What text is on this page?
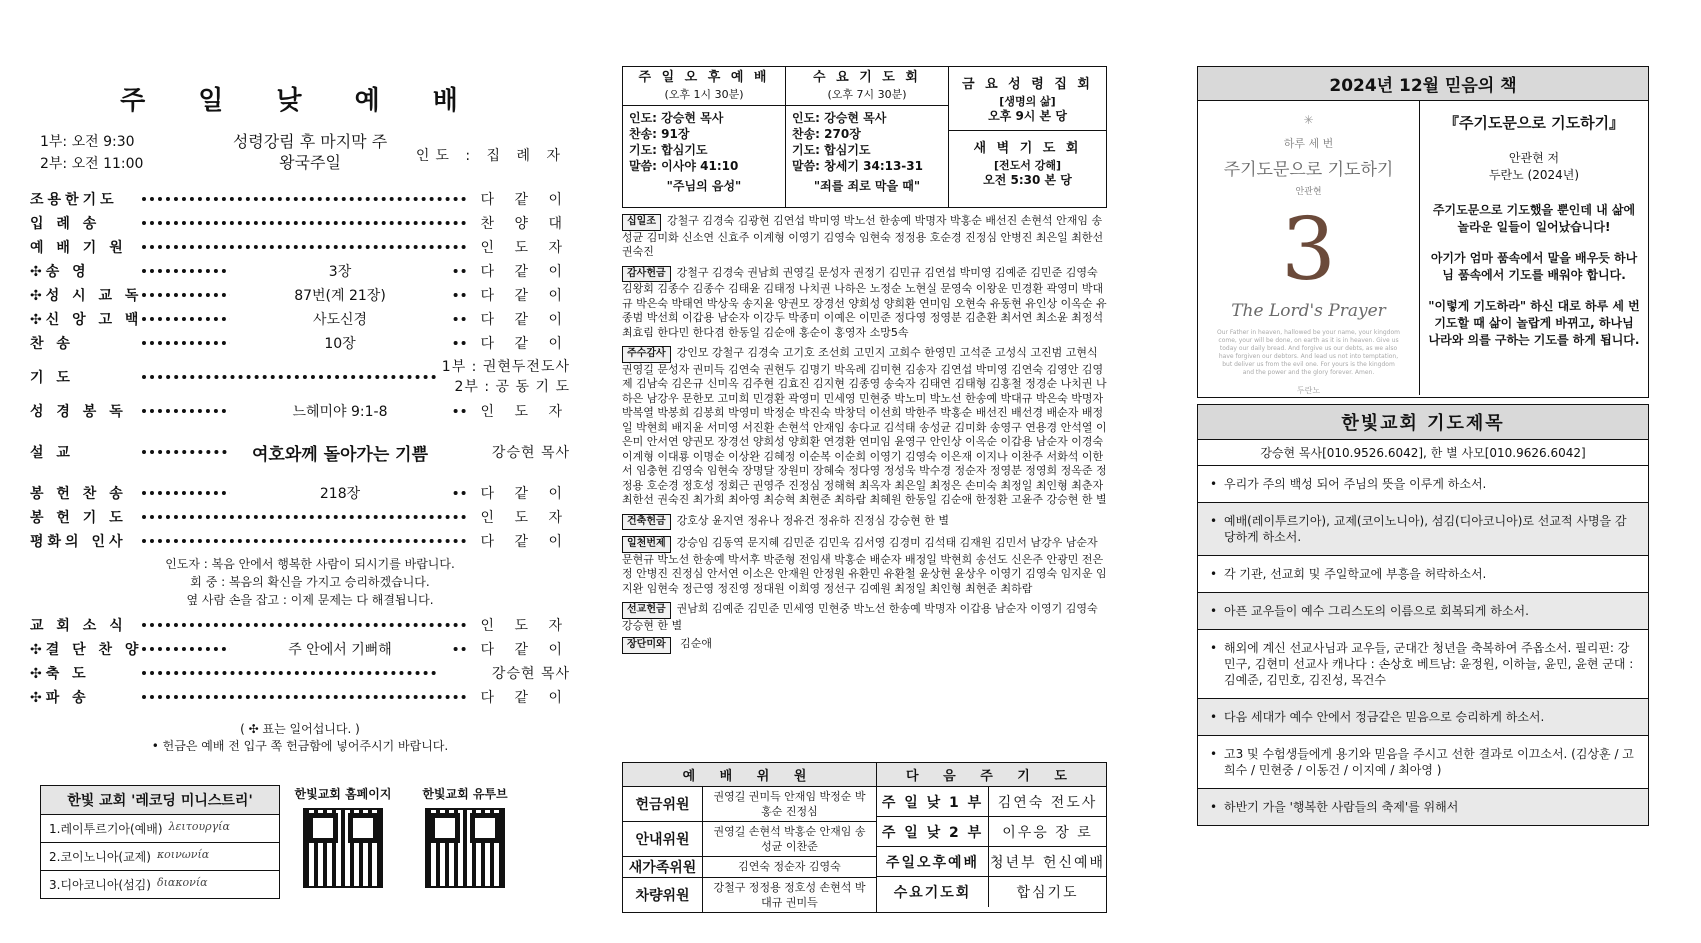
주 일 낮 예 배
1부: 오전 9:30
2부: 오전 11:00
성령강림 후 마지막 주
왕국주일	인도 : 집 례 자
조용한기도	다 같 이
입 례 송	찬 양 대
예 배 기 원	인 도 자
✣송 영	3장	다 같 이
✣성 시 교 독	87번(계 21장)	다 같 이
✣신 앙 고 백	사도신경	다 같 이
찬 송	10장	다 같 이
기 도
1부 : 권현두전도사
2부 : 공 동 기 도
성 경 봉 독	느헤미야 9:1-8	인 도 자
설 교	여호와께 돌아가는 기쁨	강승현 목사
봉 헌 찬 송	218장	다 같 이
봉 헌 기 도	인 도 자
평화의 인사	다 같 이
인도자 : 복음 안에서 행복한 사람이 되시기를 바랍니다.
회 중 : 복음의 확신을 가지고 승리하겠습니다.
옆 사람 손을 잡고 : 이제 문제는 다 해결됩니다.
교 회 소 식	인 도 자
✣결 단 찬 양	주 안에서 기뻐해	다 같 이
✣축 도	강승현 목사
✣파 송	다 같 이
( ✣ 표는 일어섭니다. )
• 헌금은 예배 전 입구 쪽 헌금함에 넣어주시기 바랍니다.
한빛 교회 '레코딩 미니스트리'
1.레이투르기아(예배) λειτουργία
2.코이노니아(교제) κοινωνία
3.디아코니아(섬김) διακονία
한빛교회 홈페이지	한빛교회 유투브
주 일 오 후 예 배
(오후 1시 30분)
인도: 강승현 목사
찬송: 91장
기도: 합심기도
말씀: 이사야 41:10
"주님의 음성"
수 요 기 도 회
(오후 7시 30분)
인도: 강승현 목사
찬송: 270장
기도: 합심기도
말씀: 창세기 34:13-31
"죄를 죄로 막을 때"
금 요 성 령 집 회
[생명의 삶]
오후 9시 본 당
새 벽 기 도 회
[전도서 강해]
오전 5:30 본 당
십일조 강철구 김경숙 김광현 김연섭 박미영 박노선 한송예 박명자 박홍순 배선진 손현석 안재임 송성균 김미화 신소연 신효주 이계형 이영기 김영숙 임현숙 정정용 호순경 진정심 안병진 최은일 최한선 권숙진
감사헌금 강철구 김경숙 권남희 권영길 문성자 권정기 김민규 김연섭 박미영 김예준 김민준 김영숙 김왕회 김종수 김종수 김태윤 김태정 나치권 나하은 노정순 노현실 문영숙 이왕운 민경환 곽영미 박대규 박은숙 박태연 박상욱 송지윤 양권모 장경선 양희성 양희환 연미임 오현숙 유동현 유인상 이옥순 유종범 박선희 이갑용 남순자 이강두 박종미 이예은 이민준 정다영 정영분 김춘환 최서연 최소윤 최정석 최효림 한다민 한다겸 한동일 김순애 홍순이 홍영자 소망5속
주수감사 강인모 강철구 김경숙 고기호 조선희 고민지 고희수 한영민 고석준 고성식 고진범 고현식 권영길 문성자 권미득 김연숙 권현두 김명기 박옥례 김미현 김송자 김연섭 박미영 김연숙 김영안 김영제 김남숙 김은규 신미옥 김주현 김효진 김지현 김종영 송숙자 김태연 김태형 김홍철 정경순 나치권 나하은 남강우 문한모 고미희 민경환 곽영미 민세영 민현중 박노미 박노선 한송예 박대규 박은숙 박명자 박복열 박봉희 김봉희 박영미 박정순 박진숙 박창덕 이선희 박한주 박홍순 배선진 배선경 배순자 배정일 박현희 배지윤 서미영 서진환 손현석 안재임 송다교 김석태 송성균 김미화 송영구 연용경 안석열 이은미 안서연 양권모 장경선 양희성 양희환 연경환 연미임 윤영구 안인상 이옥순 이갑용 남순자 이경숙 이계형 이대룡 이명순 이상완 김혜정 이순복 이순희 이영기 김영숙 이은재 이지나 이찬주 서화석 이한서 임충현 김영숙 임현숙 장명달 장원미 장혜숙 정다영 정성욱 박수경 정순자 정영분 정영희 정옥준 정정용 호순경 정호성 정회근 권영주 진정심 정해혁 최옥자 최은일 최정은 손미숙 최정일 최인형 최춘자 최한선 권숙진 최가희 최아영 최승혁 최현준 최하람 최혜원 한동일 김순애 한정환 고윤주 강승현 한 별
건축헌금 강호상 윤지연 정유나 정유건 정유하 진정심 강승현 한 별
일천번제 강승임 김동역 문지혜 김민준 김민욱 김서영 김경미 김석태 김재원 김민서 남강우 남순자 문현규 박노선 한송예 박서후 박준형 전임새 박홍순 배순자 배정일 박현희 송선도 신은주 안광민 전은정 안병진 진정심 안서연 이소은 안재원 안정원 유환민 유환철 윤상현 윤상우 이영기 김영숙 임지운 임지완 임현숙 정근영 정진영 정대원 이희영 정선구 김예원 최정일 최인형 최현준 최하람
선교헌금 권남희 김예준 김민준 민세영 민현중 박노선 한송예 박명자 이갑용 남순자 이영기 김영숙 강승현 한 별
장단미와 김순애
예 배 위 원
헌금위원
권영길 권미득 안재임 박정순 박홍순 진정심
안내위원
권영길 손현석 박홍순 안재임 송성균 이찬준
새가족위원	김연숙 정순자 김영숙
차량위원
강철구 정정용 정호성 손현석 박대규 권미득
다 음 주 기 도
주 일 낮 1 부	김연숙 전도사
주 일 낮 2 부	이우응 장 로
주일오후예배 청년부 헌신예배
수요기도회	합심기도
2024년 12월 믿음의 책
✳
하루 세 번
주기도문으로 기도하기
안관현
3
The Lord's Prayer
Our Father in heaven, hallowed be your name, your kingdom come, your will be done, on earth as it is in heaven. Give us today our daily bread. And forgive us our debts, as we also have forgiven our debtors. And lead us not into temptation, but deliver us from the evil one. For yours is the kingdom and the power and the glory forever. Amen.
두란노
『주기도문으로 기도하기』
안관현 저
두란노 (2024년)
주기도문으로 기도했을 뿐인데 내 삶에 놀라운 일들이 일어났습니다!
아기가 엄마 품속에서 말을 배우듯 하나님 품속에서 기도를 배워야 합니다.
"이렇게 기도하라" 하신 대로 하루 세 번 기도할 때 삶이 놀랍게 바뀌고, 하나님 나라와 의를 구하는 기도를 하게 됩니다.
한빛교회 기도제목
강승현 목사[010.9526.6042], 한 별 사모[010.9626.6042]
• 우리가 주의 백성 되어 주님의 뜻을 이루게 하소서.
• 예배(레이투르기아), 교제(코이노니아), 섬김(디아코니아)로 선교적 사명을 감당하게 하소서.
• 각 기관, 선교회 및 주일학교에 부흥을 허락하소서.
• 아픈 교우들이 예수 그리스도의 이름으로 회복되게 하소서.
• 해외에 계신 선교사님과 교우들, 군대간 청년을 축복하여 주옵소서. 필리핀: 강민구, 김현미 선교사 캐나다 : 손상호 베트남: 윤정원, 이하늘, 윤민, 윤현 군대 : 김예준, 김민호, 김진성, 목건수
• 다음 세대가 예수 안에서 정금같은 믿음으로 승리하게 하소서.
• 고3 및 수험생들에게 용기와 믿음을 주시고 선한 결과로 이끄소서. (김상훈 / 고희수 / 민현중 / 이동건 / 이지예 / 최아영 )
• 하반기 가을 '행복한 사람들의 축제'를 위해서
